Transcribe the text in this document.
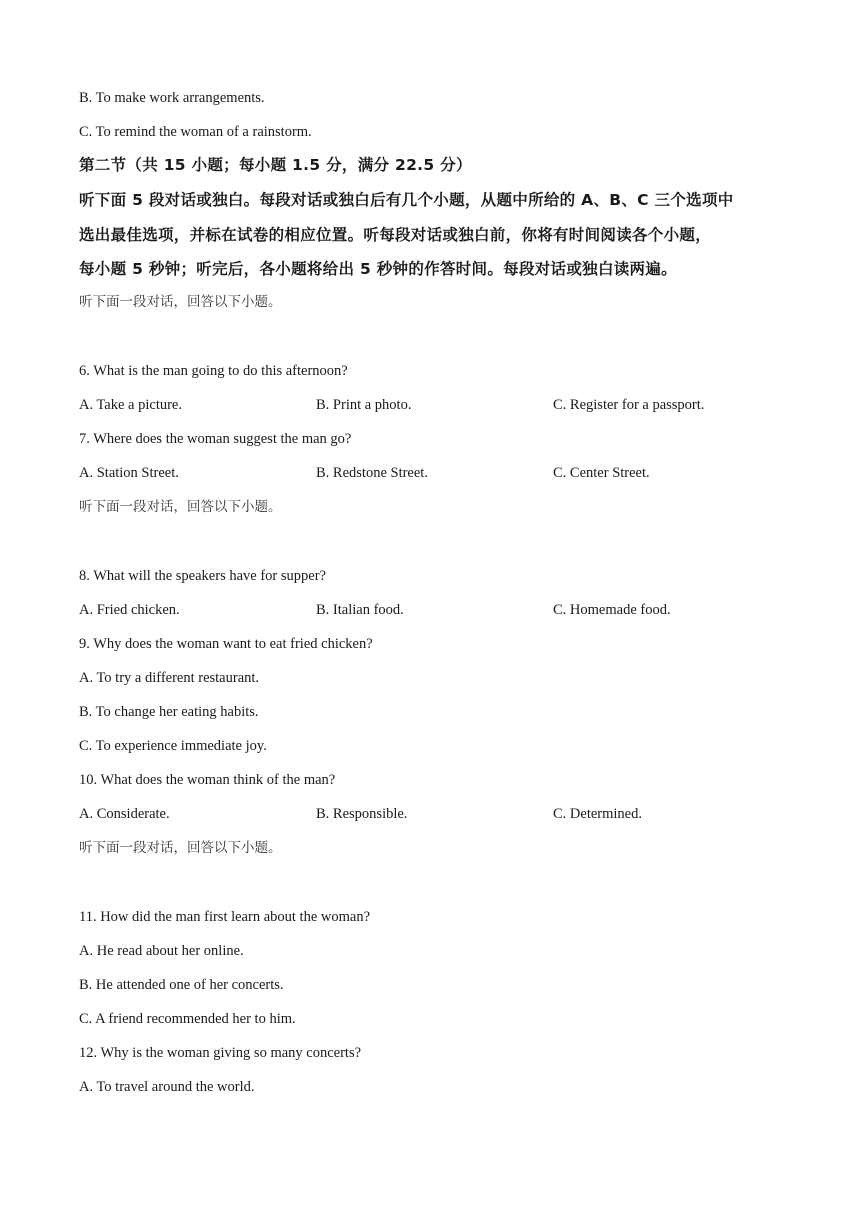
B. To make work arrangements.
C. To remind the woman of a rainstorm.
第二节（共 15 小题；每小题 1.5 分，满分 22.5 分）
听下面 5 段对话或独白。每段对话或独白后有几个小题，从题中所给的 A、B、C 三个选项中
选出最佳选项，并标在试卷的相应位置。听每段对话或独白前，你将有时间阅读各个小题，
每小题 5 秒钟；听完后，各小题将给出 5 秒钟的作答时间。每段对话或独白读两遍。
听下面一段对话，回答以下小题。
6. What is the man going to do this afternoon?
A. Take a picture.	B. Print a photo.	C. Register for a passport.
7. Where does the woman suggest the man go?
A. Station Street.	B. Redstone Street.	C. Center Street.
听下面一段对话，回答以下小题。
8. What will the speakers have for supper?
A. Fried chicken.	B. Italian food.	C. Homemade food.
9. Why does the woman want to eat fried chicken?
A. To try a different restaurant.
B. To change her eating habits.
C. To experience immediate joy.
10. What does the woman think of the man?
A. Considerate.	B. Responsible.	C. Determined.
听下面一段对话，回答以下小题。
11. How did the man first learn about the woman?
A. He read about her online.
B. He attended one of her concerts.
C. A friend recommended her to him.
12. Why is the woman giving so many concerts?
A. To travel around the world.
